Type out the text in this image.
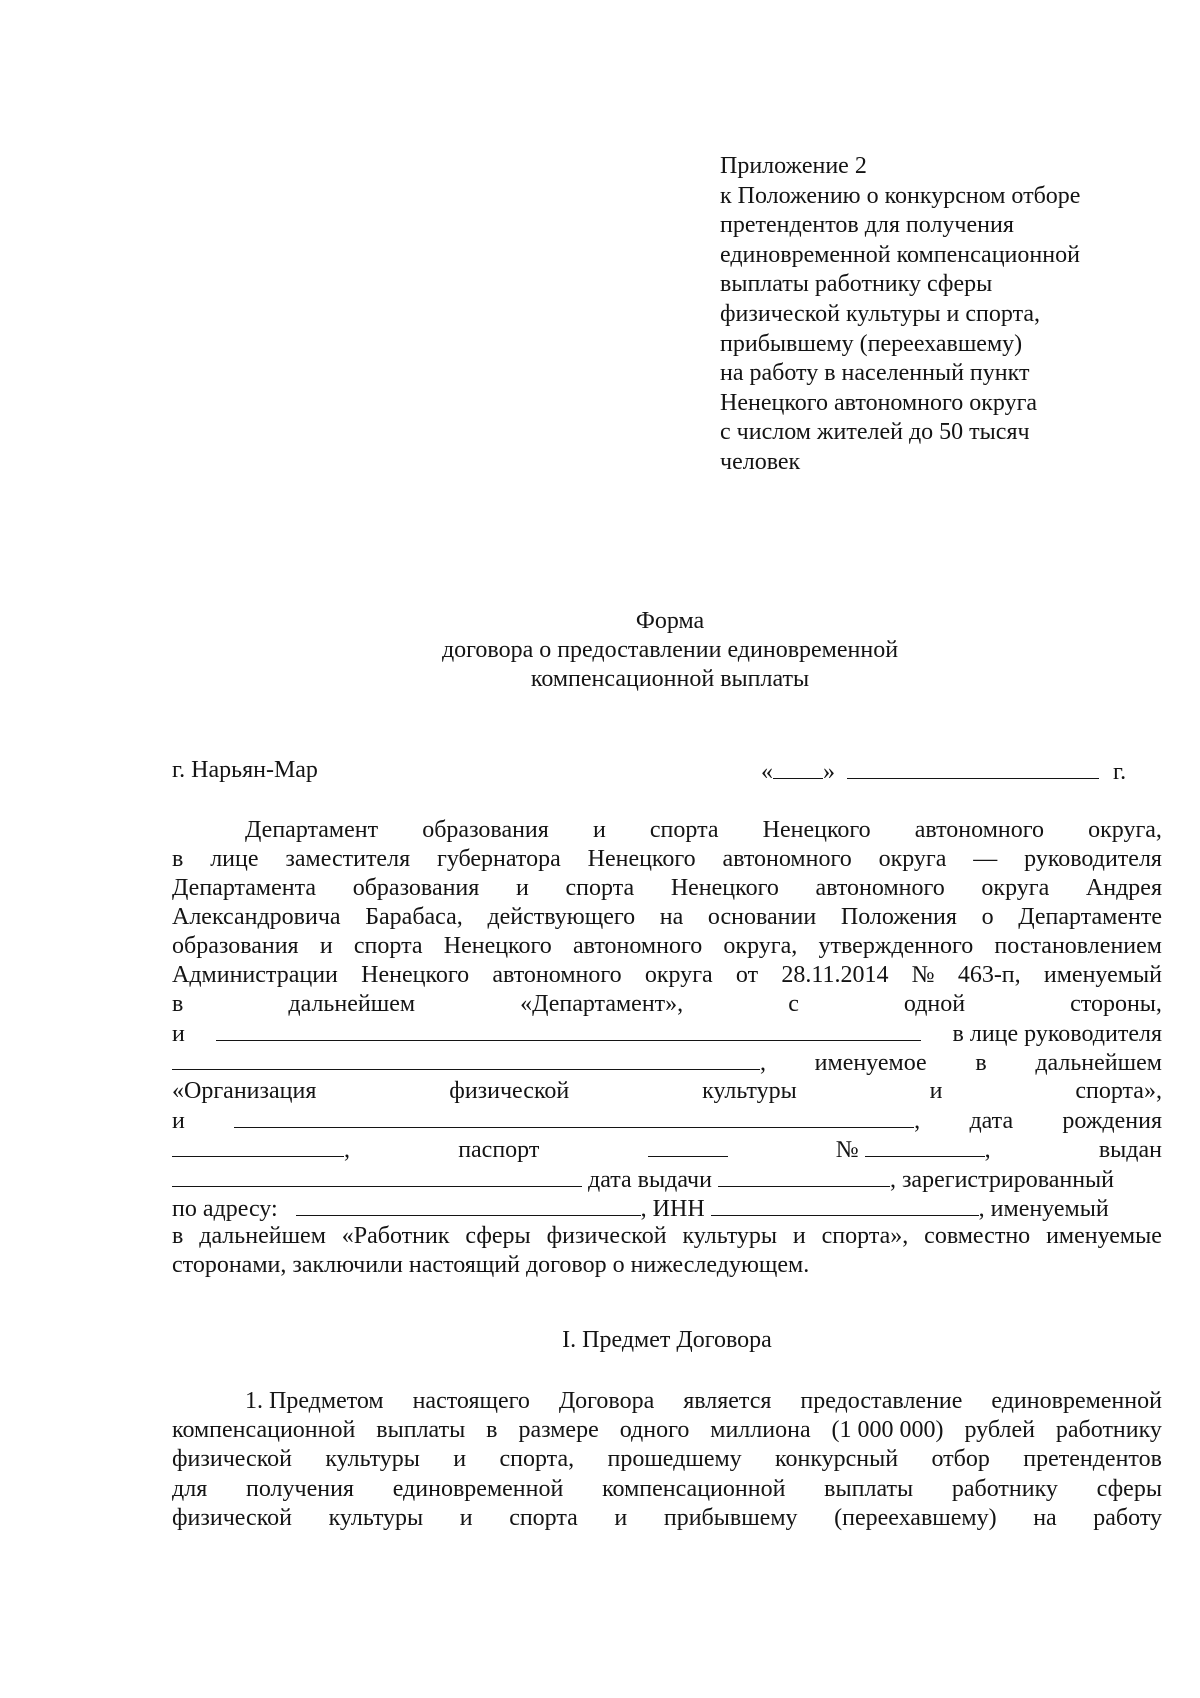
Приложение 2
к Положению о конкурсном отборе
претендентов для получения
единовременной компенсационной
выплаты работнику сферы
физической культуры и спорта,
прибывшему (переехавшему)
на работу в населенный пункт
Ненецкого автономного округа
с числом жителей до 50 тысяч
человек
Форма
договора о предоставлении единовременной
компенсационной выплаты
г. Нарьян-Мар	« »	г.
Департамент образования и спорта Ненецкого автономного округа,
в лице заместителя губернатора Ненецкого автономного округа — руководителя
Департамента образования и спорта Ненецкого автономного округа Андрея
Александровича Барабаса, действующего на основании Положения о Департаменте
образования и спорта Ненецкого автономного округа, утвержденного постановлением
Администрации Ненецкого автономного округа от 28.11.2014 № 463-п, именуемый
в	дальнейшем	«Департамент»,	с	одной	стороны,
и	в лице руководителя
, именуемое в дальнейшем
«Организация	физической	культуры	и	спорта»,
и	, дата рождения
,	паспорт	№	,	выдан
дата выдачи	, зарегистрированный
по адресу:	, ИНН	, именуемый
в дальнейшем «Работник сферы физической культуры и спорта», совместно именуемые
сторонами, заключили настоящий договор о нижеследующем.
I. Предмет Договора
1. Предметом настоящего Договора является предоставление единовременной
компенсационной выплаты в размере одного миллиона (1 000 000) рублей работнику
физической культуры и спорта, прошедшему конкурсный отбор претендентов
для получения единовременной компенсационной выплаты работнику сферы
физической культуры и спорта и прибывшему (переехавшему) на работу
